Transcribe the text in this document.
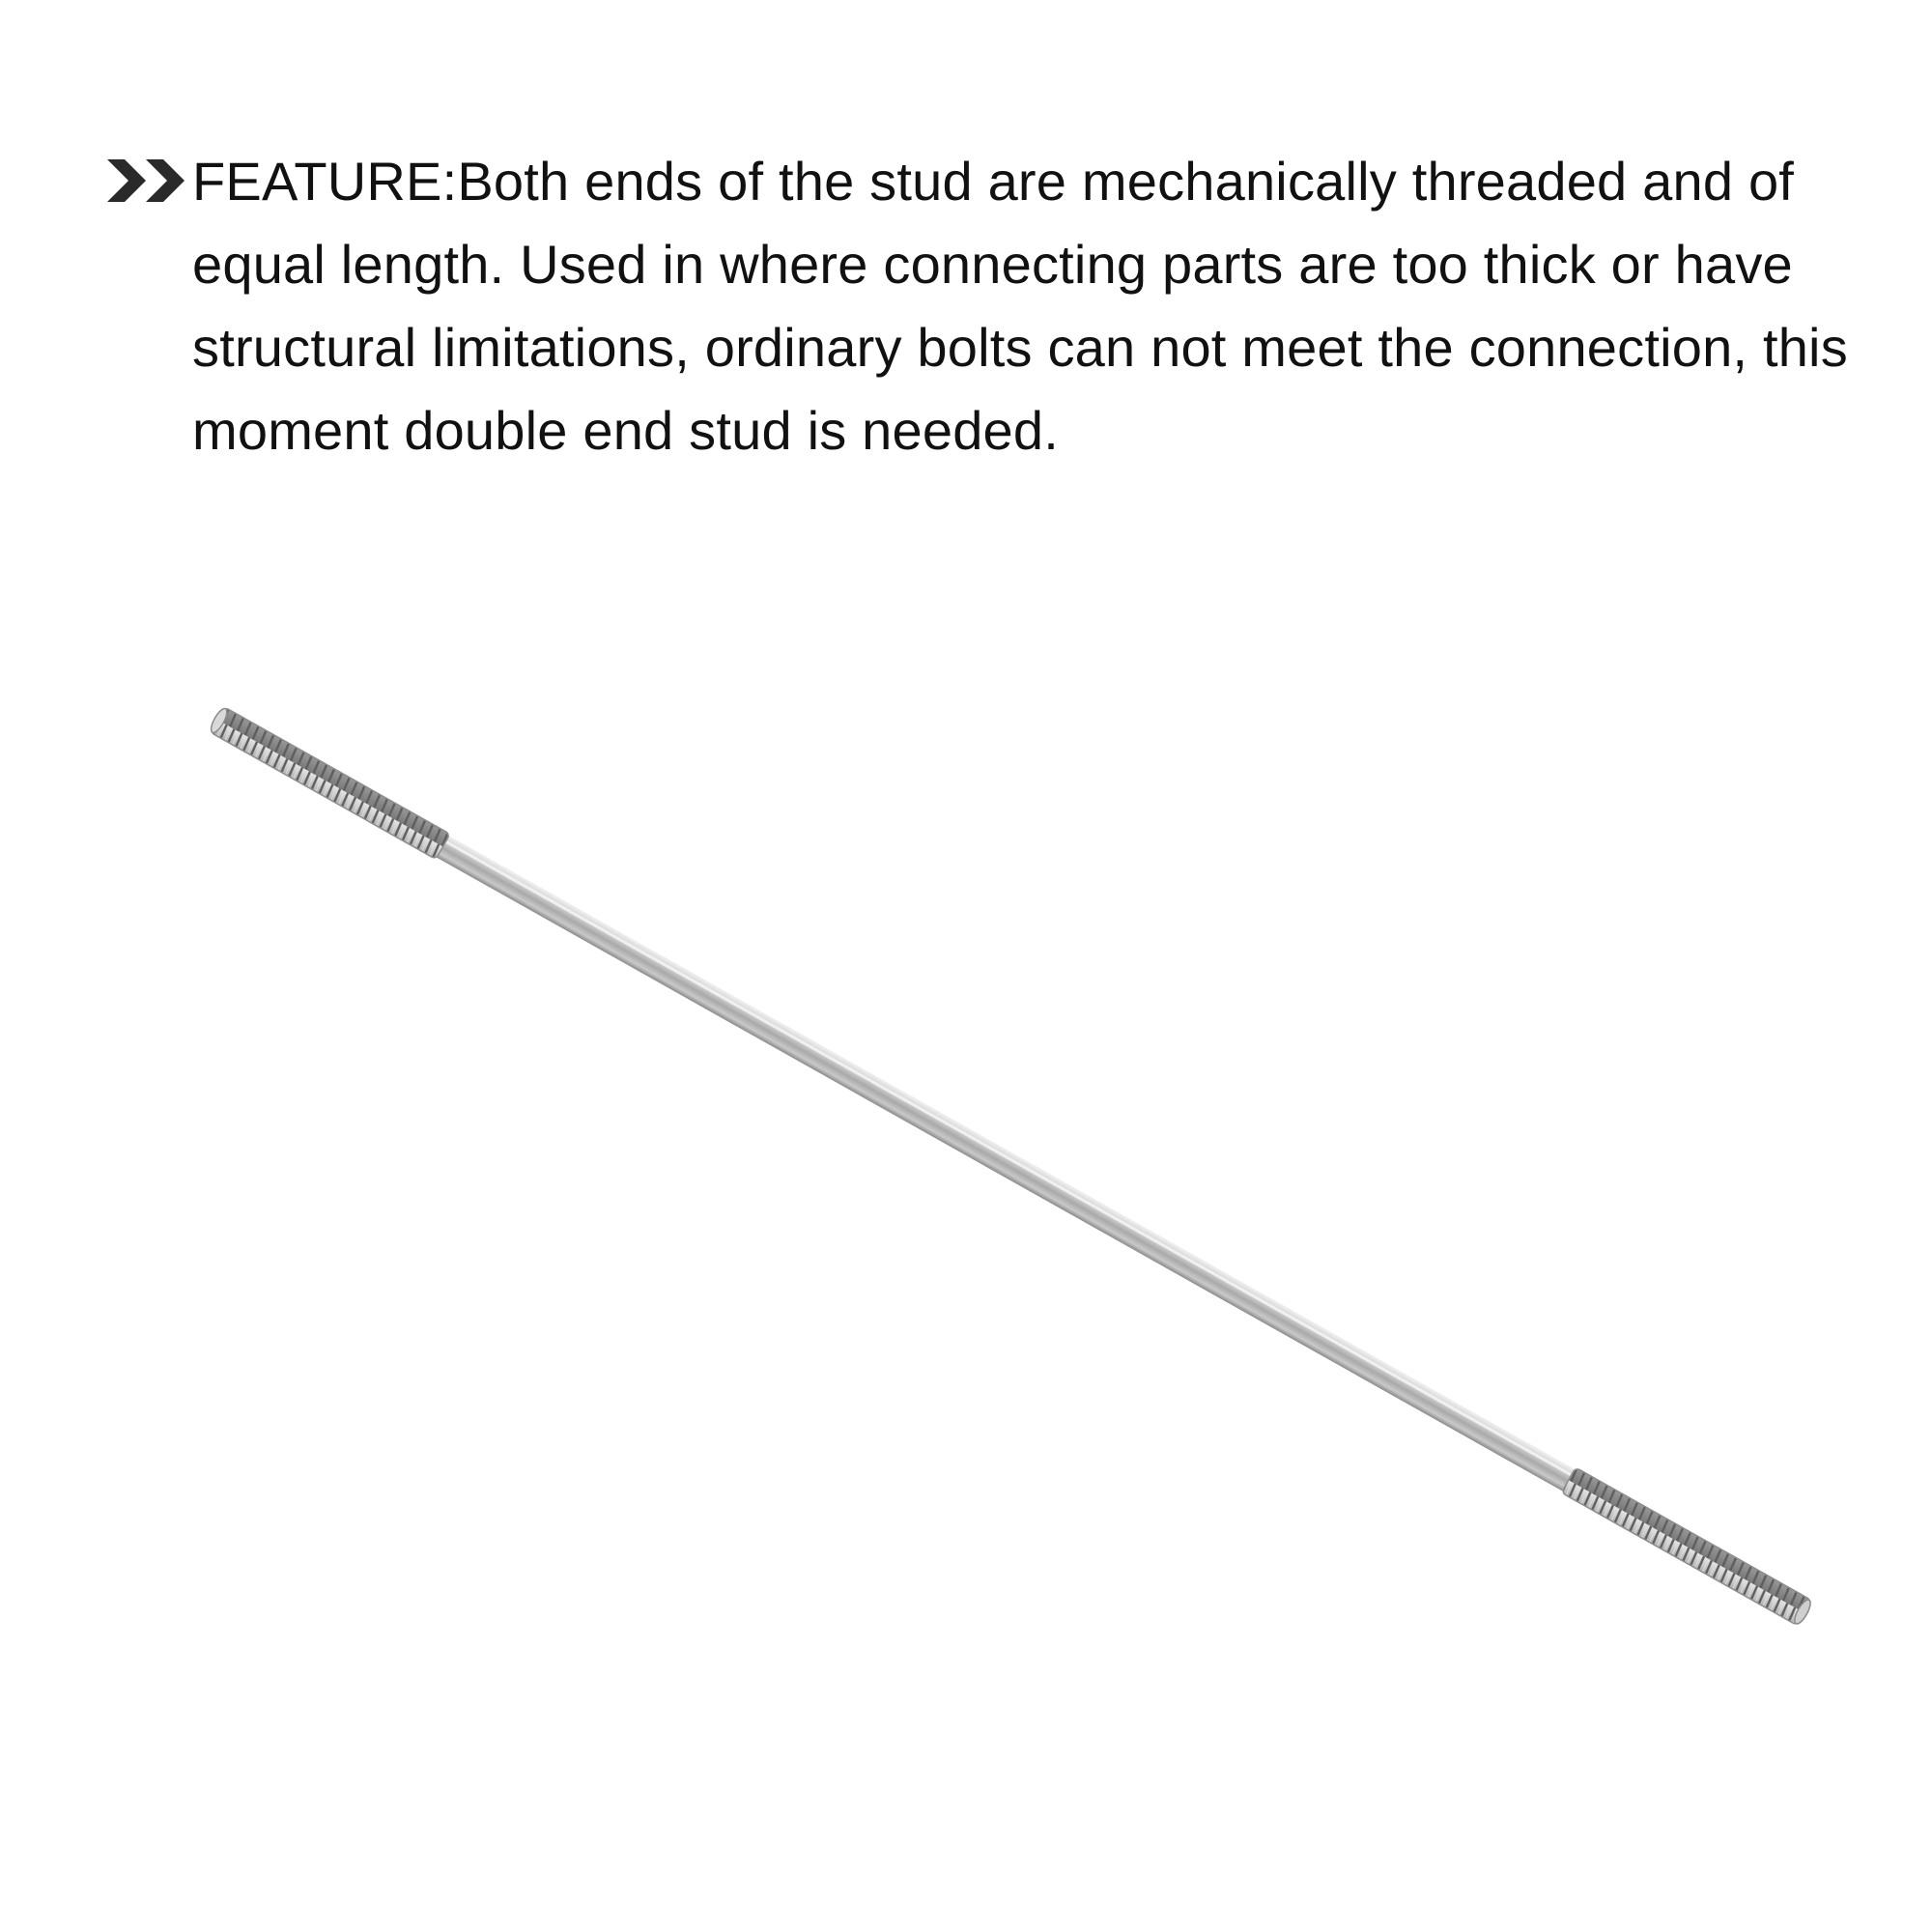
FEATURE:Both ends of the stud are mechanically threaded and of equal length. Used in where connecting parts are too thick or have structural limitations, ordinary bolts can not meet the connection, this moment double end stud is needed.
